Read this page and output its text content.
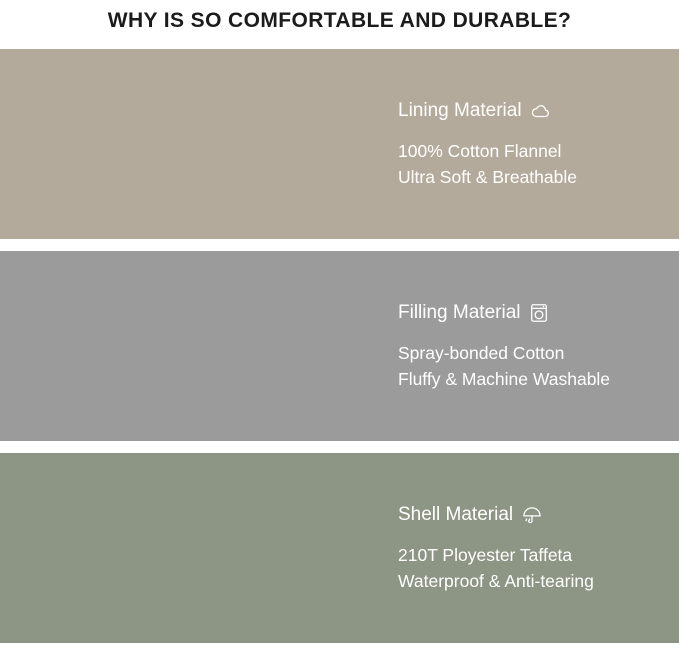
WHY IS SO COMFORTABLE AND DURABLE?
Lining Material
100% Cotton Flannel
Ultra Soft & Breathable
Filling Material
Spray-bonded Cotton
Fluffy & Machine Washable
Shell Material
210T Ployester Taffeta
Waterproof & Anti-tearing
